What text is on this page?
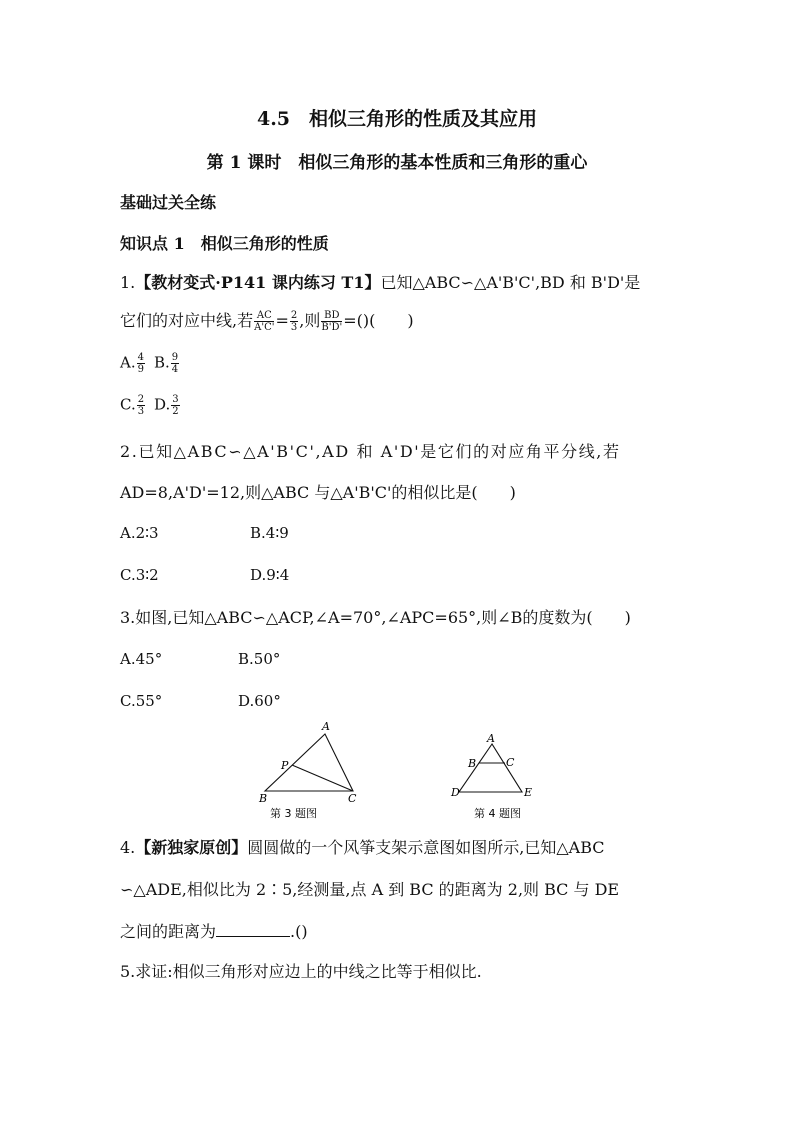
4.5　相似三角形的性质及其应用
第 1 课时　相似三角形的基本性质和三角形的重心
基础过关全练
知识点 1　相似三角形的性质
1.【教材变式·P141 课内练习 T1】已知△ABC∽△A'B'C',BD 和 B'D'是
它们的对应中线,若 $\frac{AC}{A'C'} = \frac{2}{3}$ ,则 $\frac{BD}{B'D'}$ =()(　　)
A. $\frac{4}{9} B$. $\frac{9}{4}$
C. $\frac{2}{3} D$. $\frac{3}{2}$
2.已知△ABC∽△A'B'C',AD 和 A'D'是它们的对应角平分线,若
AD=8,A'D'=12,则△ABC 与△A'B'C'的相似比是(　　)
A.2∶3	B.4∶9
C.3∶2	D.9∶4
3.如图,已知△ABC∽△ACP,∠A=70°,∠APC=65°,则∠B的度数为(　　)
A.45°	B.50°
C.55°	D.60°
A
P
B	C
第 3 题图
A
B	C
D	E
第 4 题图
4.【新独家原创】圆圆做的一个风筝支架示意图如图所示,已知△ABC
∽△ADE,相似比为 2∶5,经测量,点 A 到 BC 的距离为 2,则 BC 与 DE
之间的距离为	.()
5.求证:相似三角形对应边上的中线之比等于相似比.
